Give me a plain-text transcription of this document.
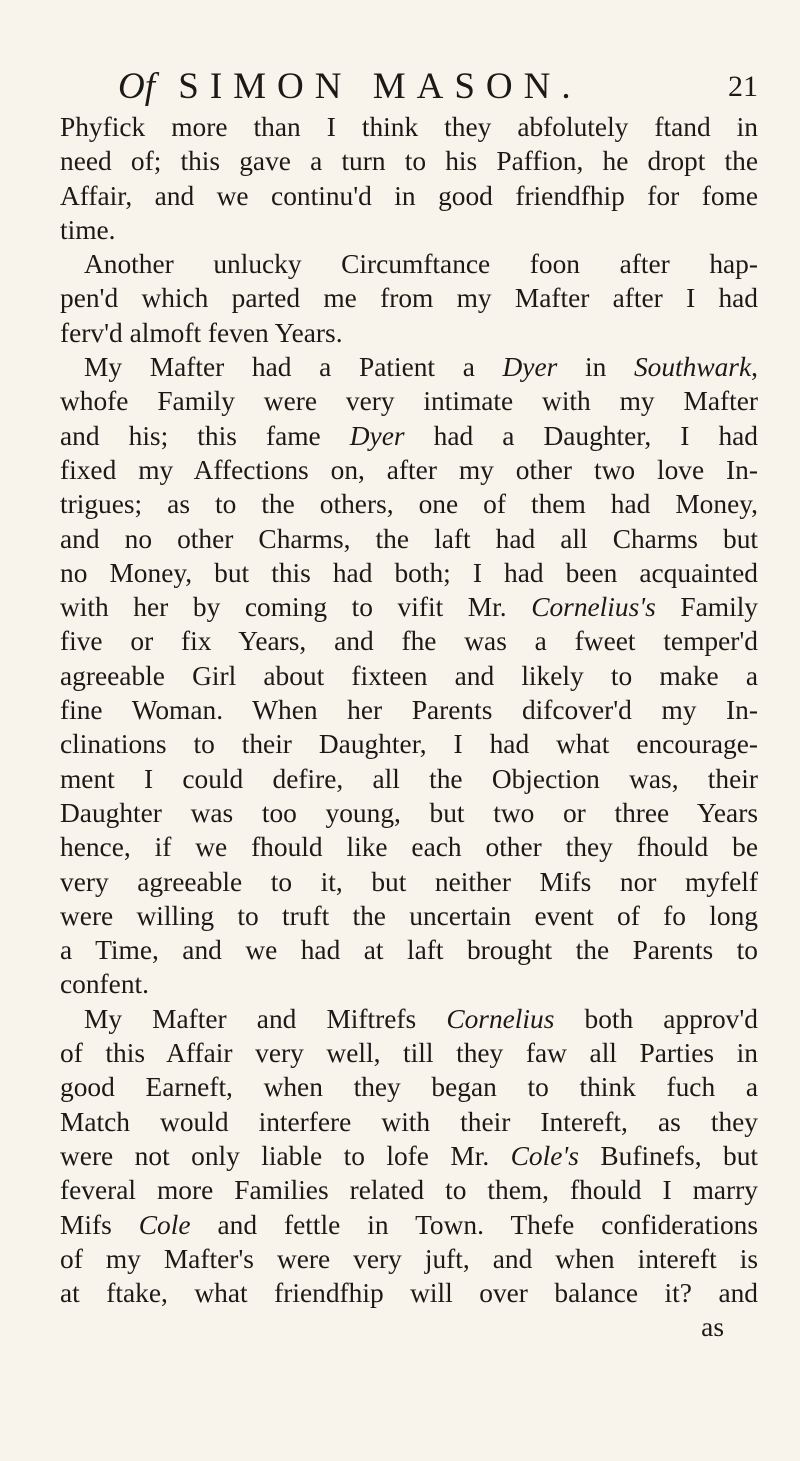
Of SIMON MASON.	21
Phyfick more than I think they abfolutely ftand in
need of; this gave a turn to his Paffion, he dropt the
Affair, and we continu'd in good friendfhip for fome
time.
Another unlucky Circumftance foon after hap-
pen'd which parted me from my Mafter after I had
ferv'd almoft feven Years.
My Mafter had a Patient a Dyer in Southwark,
whofe Family were very intimate with my Mafter
and his; this fame Dyer had a Daughter, I had
fixed my Affections on, after my other two love In-
trigues; as to the others, one of them had Money,
and no other Charms, the laft had all Charms but
no Money, but this had both; I had been acquainted
with her by coming to vifit Mr. Cornelius's Family
five or fix Years, and fhe was a fweet temper'd
agreeable Girl about fixteen and likely to make a
fine Woman. When her Parents difcover'd my In-
clinations to their Daughter, I had what encourage-
ment I could defire, all the Objection was, their
Daughter was too young, but two or three Years
hence, if we fhould like each other they fhould be
very agreeable to it, but neither Mifs nor myfelf
were willing to truft the uncertain event of fo long
a Time, and we had at laft brought the Parents to
confent.
My Mafter and Miftrefs Cornelius both approv'd
of this Affair very well, till they faw all Parties in
good Earneft, when they began to think fuch a
Match would interfere with their Intereft, as they
were not only liable to lofe Mr. Cole's Bufinefs, but
feveral more Families related to them, fhould I marry
Mifs Cole and fettle in Town. Thefe confiderations
of my Mafter's were very juft, and when intereft is
at ftake, what friendfhip will over balance it? and
as
